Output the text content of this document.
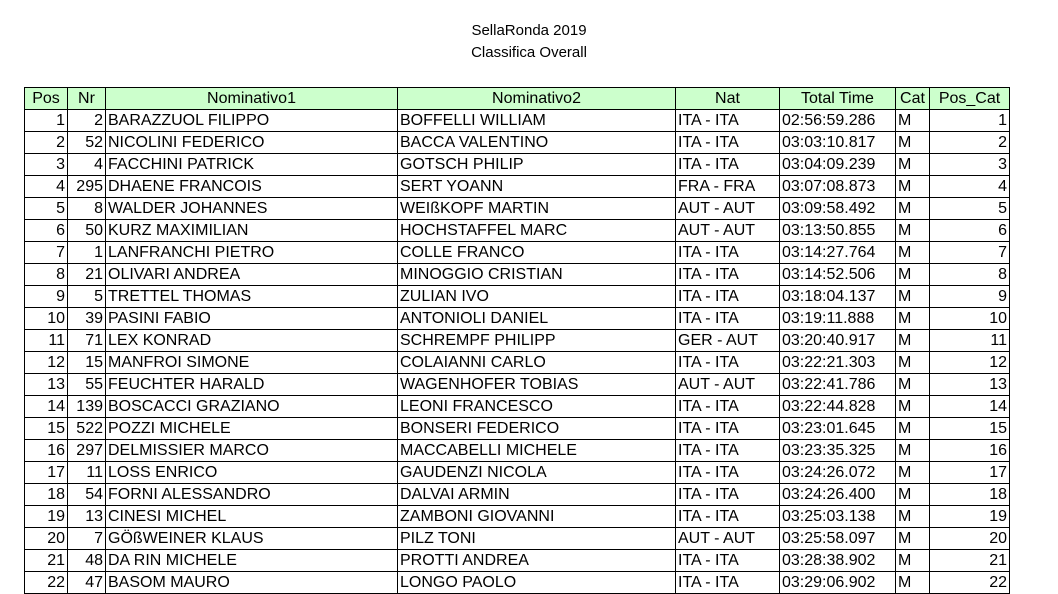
SellaRonda 2019
Classifica Overall
Pos	Nr	Nominativo1	Nominativo2	Nat	Total Time	Cat	Pos_Cat
1	2	BARAZZUOL FILIPPO	BOFFELLI WILLIAM	ITA - ITA	02:56:59.286	M	1
2	52	NICOLINI FEDERICO	BACCA VALENTINO	ITA - ITA	03:03:10.817	M	2
3	4	FACCHINI PATRICK	GOTSCH PHILIP	ITA - ITA	03:04:09.239	M	3
4	295	DHAENE FRANCOIS	SERT YOANN	FRA - FRA	03:07:08.873	M	4
5	8	WALDER JOHANNES	WEIßKOPF MARTIN	AUT - AUT	03:09:58.492	M	5
6	50	KURZ MAXIMILIAN	HOCHSTAFFEL MARC	AUT - AUT	03:13:50.855	M	6
7	1	LANFRANCHI PIETRO	COLLE FRANCO	ITA - ITA	03:14:27.764	M	7
8	21	OLIVARI ANDREA	MINOGGIO CRISTIAN	ITA - ITA	03:14:52.506	M	8
9	5	TRETTEL THOMAS	ZULIAN IVO	ITA - ITA	03:18:04.137	M	9
10	39	PASINI FABIO	ANTONIOLI DANIEL	ITA - ITA	03:19:11.888	M	10
11	71	LEX KONRAD	SCHREMPF PHILIPP	GER - AUT	03:20:40.917	M	11
12	15	MANFROI SIMONE	COLAIANNI CARLO	ITA - ITA	03:22:21.303	M	12
13	55	FEUCHTER HARALD	WAGENHOFER TOBIAS	AUT - AUT	03:22:41.786	M	13
14	139	BOSCACCI GRAZIANO	LEONI FRANCESCO	ITA - ITA	03:22:44.828	M	14
15	522	POZZI MICHELE	BONSERI FEDERICO	ITA - ITA	03:23:01.645	M	15
16	297	DELMISSIER MARCO	MACCABELLI MICHELE	ITA - ITA	03:23:35.325	M	16
17	11	LOSS ENRICO	GAUDENZI NICOLA	ITA - ITA	03:24:26.072	M	17
18	54	FORNI ALESSANDRO	DALVAI ARMIN	ITA - ITA	03:24:26.400	M	18
19	13	CINESI MICHEL	ZAMBONI GIOVANNI	ITA - ITA	03:25:03.138	M	19
20	7	GÖßWEINER KLAUS	PILZ TONI	AUT - AUT	03:25:58.097	M	20
21	48	DA RIN MICHELE	PROTTI ANDREA	ITA - ITA	03:28:38.902	M	21
22	47	BASOM MAURO	LONGO PAOLO	ITA - ITA	03:29:06.902	M	22
